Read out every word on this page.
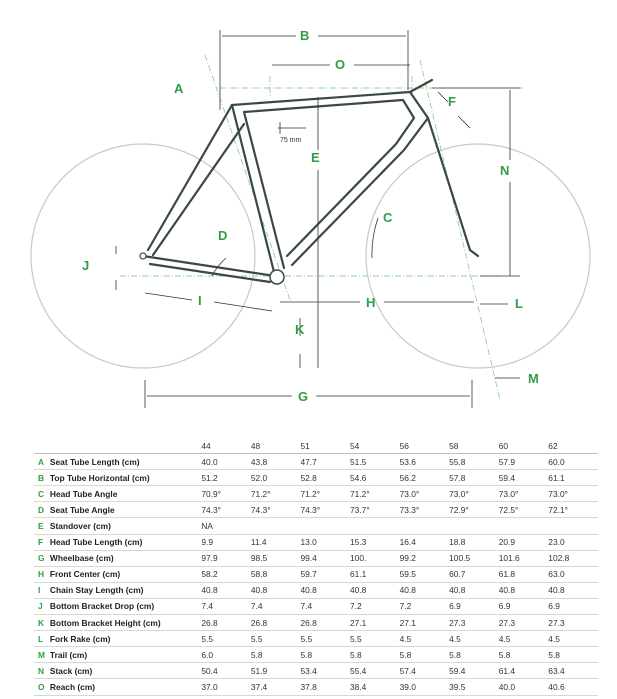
A
B
O
F
E
N
C
D
J
I	H
K
L
G
M
75 mm
		44	48	51	54	56	58	60	62
A	Seat Tube Length (cm)	40.0	43.8	47.7	51.5	53.6	55.8	57.9	60.0
B	Top Tube Horizontal (cm)	51.2	52.0	52.8	54.6	56.2	57.8	59.4	61.1
C	Head Tube Angle	70.9°	71.2°	71.2°	71.2°	73.0°	73.0°	73.0°	73.0°
D	Seat Tube Angle	74.3°	74.3°	74.3°	73.7°	73.3°	72.9°	72.5°	72.1°
E	Standover (cm)	NA							
F	Head Tube Length (cm)	9.9	11.4	13.0	15.3	16.4	18.8	20.9	23.0
G	Wheelbase (cm)	97.9	98.5	99.4	100.	99.2	100.5	101.6	102.8
H	Front Center (cm)	58.2	58.8	59.7	61.1	59.5	60.7	61.8	63.0
I	Chain Stay Length (cm)	40.8	40.8	40.8	40.8	40.8	40.8	40.8	40.8
J	Bottom Bracket Drop (cm)	7.4	7.4	7.4	7.2	7.2	6.9	6.9	6.9
K	Bottom Bracket Height (cm)	26.8	26.8	26.8	27.1	27.1	27.3	27.3	27.3
L	Fork Rake (cm)	5.5	5.5	5.5	5.5	4.5	4.5	4.5	4.5
M	Trail (cm)	6.0	5.8	5.8	5.8	5.8	5.8	5.8	5.8
N	Stack (cm)	50.4	51.9	53.4	55.4	57.4	59.4	61.4	63.4
O	Reach (cm)	37.0	37.4	37.8	38.4	39.0	39.5	40.0	40.6
